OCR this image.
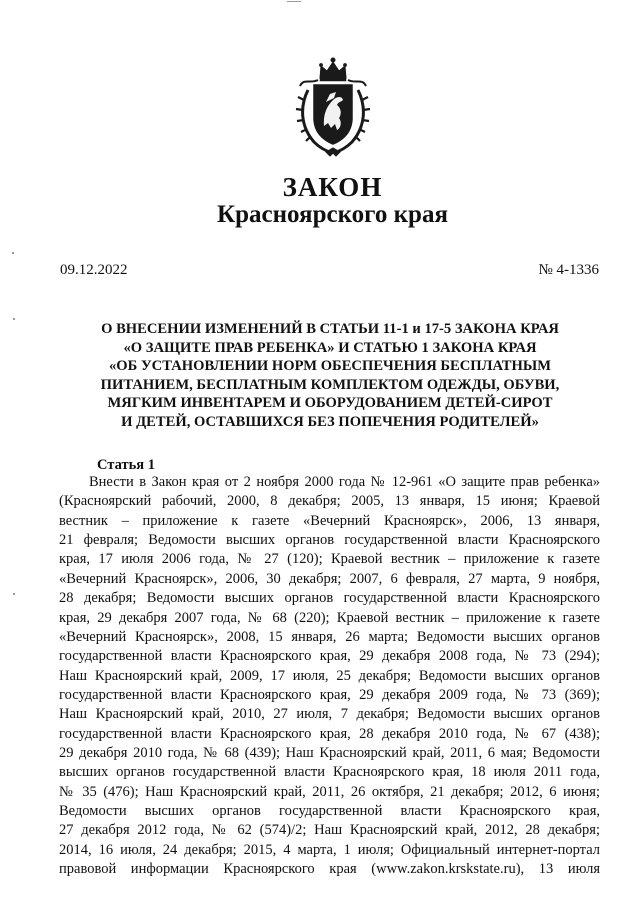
ЗАКОН
Красноярского края
09.12.2022	№ 4-1336
О ВНЕСЕНИИ ИЗМЕНЕНИЙ В СТАТЬИ 11-1 и 17-5 ЗАКОНА КРАЯ
«О ЗАЩИТЕ ПРАВ РЕБЕНКА» И СТАТЬЮ 1 ЗАКОНА КРАЯ
«ОБ УСТАНОВЛЕНИИ НОРМ ОБЕСПЕЧЕНИЯ БЕСПЛАТНЫМ
ПИТАНИЕМ, БЕСПЛАТНЫМ КОМПЛЕКТОМ ОДЕЖДЫ, ОБУВИ,
МЯГКИМ ИНВЕНТАРЕМ И ОБОРУДОВАНИЕМ ДЕТЕЙ-СИРОТ
И ДЕТЕЙ, ОСТАВШИХСЯ БЕЗ ПОПЕЧЕНИЯ РОДИТЕЛЕЙ»
Статья 1
Внести в Закон края от 2 ноября 2000 года № 12-961 «О защите прав ребенка»
(Красноярский рабочий, 2000, 8 декабря; 2005, 13 января, 15 июня; Краевой
вестник – приложение к газете «Вечерний Красноярск», 2006, 13 января,
21 февраля; Ведомости высших органов государственной власти Красноярского
края, 17 июля 2006 года, № 27 (120); Краевой вестник – приложение к газете
«Вечерний Красноярск», 2006, 30 декабря; 2007, 6 февраля, 27 марта, 9 ноября,
28 декабря; Ведомости высших органов государственной власти Красноярского
края, 29 декабря 2007 года, № 68 (220); Краевой вестник – приложение к газете
«Вечерний Красноярск», 2008, 15 января, 26 марта; Ведомости высших органов
государственной власти Красноярского края, 29 декабря 2008 года, № 73 (294);
Наш Красноярский край, 2009, 17 июля, 25 декабря; Ведомости высших органов
государственной власти Красноярского края, 29 декабря 2009 года, № 73 (369);
Наш Красноярский край, 2010, 27 июля, 7 декабря; Ведомости высших органов
государственной власти Красноярского края, 28 декабря 2010 года, № 67 (438);
29 декабря 2010 года, № 68 (439); Наш Красноярский край, 2011, 6 мая; Ведомости
высших органов государственной власти Красноярского края, 18 июля 2011 года,
№ 35 (476); Наш Красноярский край, 2011, 26 октября, 21 декабря; 2012, 6 июня;
Ведомости высших органов государственной власти Красноярского края,
27 декабря 2012 года, № 62 (574)/2; Наш Красноярский край, 2012, 28 декабря;
2014, 16 июля, 24 декабря; 2015, 4 марта, 1 июля; Официальный интернет-портал
правовой информации Красноярского края (www.zakon.krskstate.ru), 13 июля
